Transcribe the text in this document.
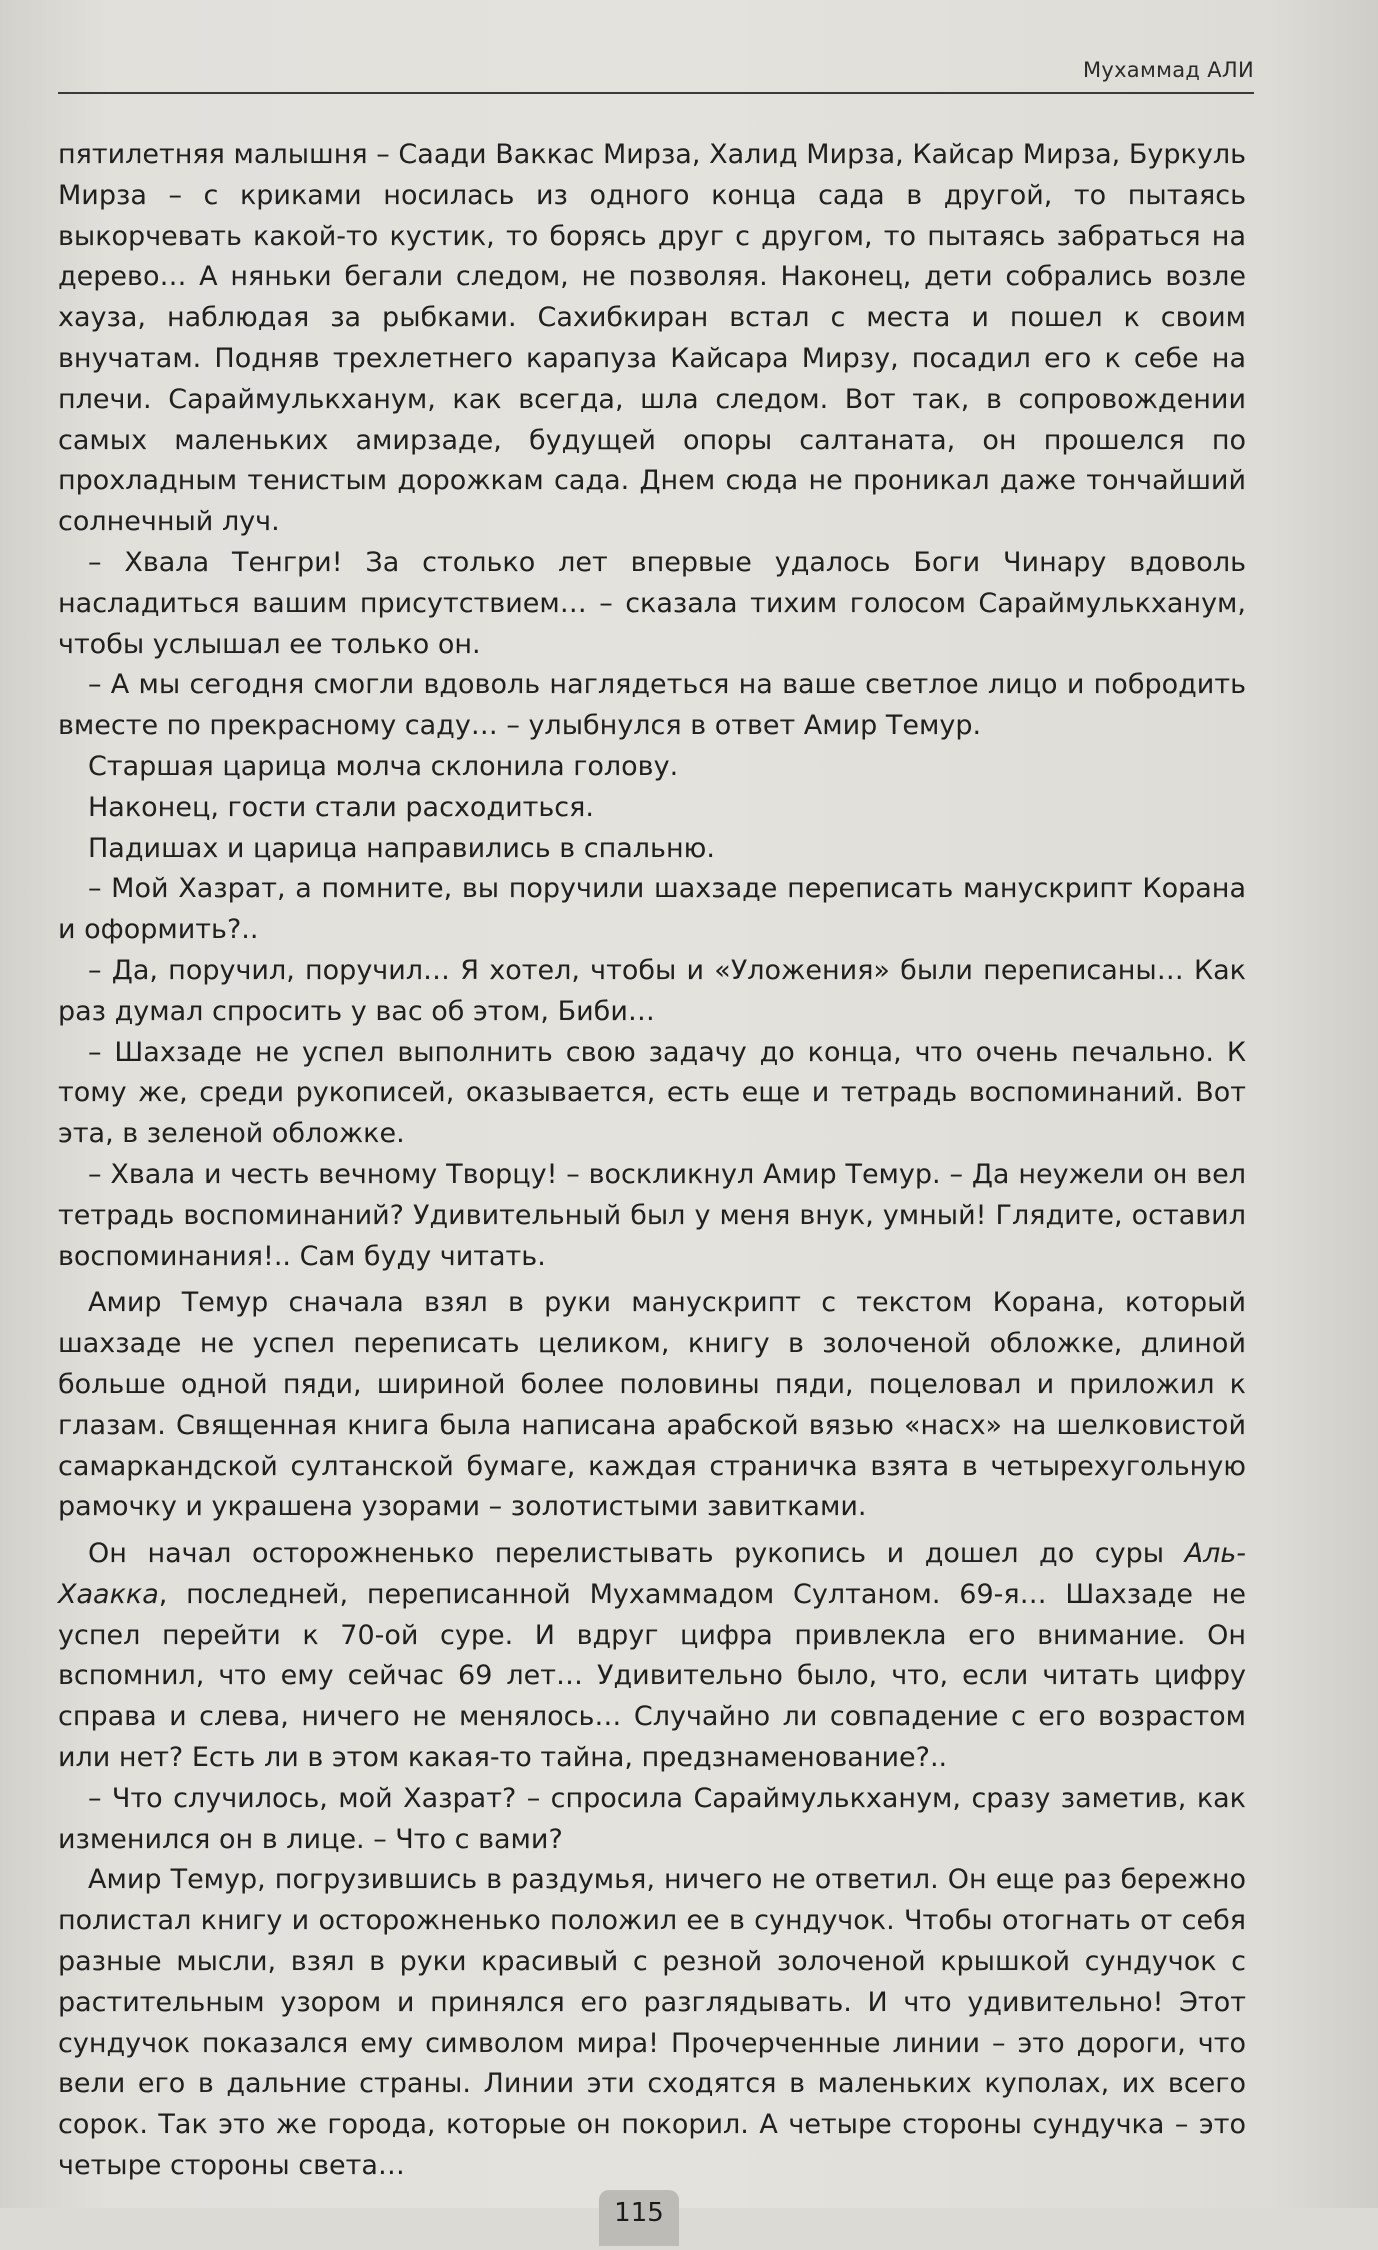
Мухаммад АЛИ

пятилетняя малышня – Саади Ваккас Мирза, Халид Мирза, Кайсар Мирза, Буркуль Мирза – с криками носилась из одного конца сада в другой, то пытаясь выкорчевать какой-то кустик, то борясь друг с другом, то пытаясь забраться на дерево… А няньки бегали следом, не позволяя. Наконец, дети собрались возле хауза, наблюдая за рыбками. Сахибкиран встал с места и пошел к своим внучатам. Подняв трехлетнего карапуза Кайсара Мирзу, посадил его к себе на плечи. Сараймулькханум, как всегда, шла следом. Вот так, в сопровождении самых маленьких амирзаде, будущей опоры салтаната, он прошелся по прохладным тенистым дорожкам сада. Днем сюда не проникал даже тончайший солнечный луч.

– Хвала Тенгри! За столько лет впервые удалось Боги Чинару вдоволь насладиться вашим присутствием… – сказала тихим голосом Сараймулькханум, чтобы услышал ее только он.

– А мы сегодня смогли вдоволь наглядеться на ваше светлое лицо и побродить вместе по прекрасному саду… – улыбнулся в ответ Амир Темур.

Старшая царица молча склонила голову.

Наконец, гости стали расходиться.

Падишах и царица направились в спальню.

– Мой Хазрат, а помните, вы поручили шахзаде переписать манускрипт Корана и оформить?..

– Да, поручил, поручил… Я хотел, чтобы и «Уложения» были переписаны… Как раз думал спросить у вас об этом, Биби…

– Шахзаде не успел выполнить свою задачу до конца, что очень печально. К тому же, среди рукописей, оказывается, есть еще и тетрадь воспоминаний. Вот эта, в зеленой обложке.

– Хвала и честь вечному Творцу! – воскликнул Амир Темур. – Да неужели он вел тетрадь воспоминаний? Удивительный был у меня внук, умный! Глядите, оставил воспоминания!.. Сам буду читать.

Амир Темур сначала взял в руки манускрипт с текстом Корана, который шахзаде не успел переписать целиком, книгу в золоченой обложке, длиной больше одной пяди, шириной более половины пяди, поцеловал и приложил к глазам. Священная книга была написана арабской вязью «насх» на шелковистой самаркандской султанской бумаге, каждая страничка взята в четырехугольную рамочку и украшена узорами – золотистыми завитками.

Он начал осторожненько перелистывать рукопись и дошел до суры Аль-Хаакка, последней, переписанной Мухаммадом Султаном. 69-я… Шахзаде не успел перейти к 70-ой суре. И вдруг цифра привлекла его внимание. Он вспомнил, что ему сейчас 69 лет… Удивительно было, что, если читать цифру справа и слева, ничего не менялось… Случайно ли совпадение с его возрастом или нет? Есть ли в этом какая-то тайна, предзнаменование?..

– Что случилось, мой Хазрат? – спросила Сараймулькханум, сразу заметив, как изменился он в лице. – Что с вами?

Амир Темур, погрузившись в раздумья, ничего не ответил. Он еще раз бережно полистал книгу и осторожненько положил ее в сундучок. Чтобы отогнать от себя разные мысли, взял в руки красивый с резной золоченой крышкой сундучок с растительным узором и принялся его разглядывать. И что удивительно! Этот сундучок показался ему символом мира! Прочерченные линии – это дороги, что вели его в дальние страны. Линии эти сходятся в маленьких куполах, их всего сорок. Так это же города, которые он покорил. А четыре стороны сундучка – это четыре стороны света…

115
